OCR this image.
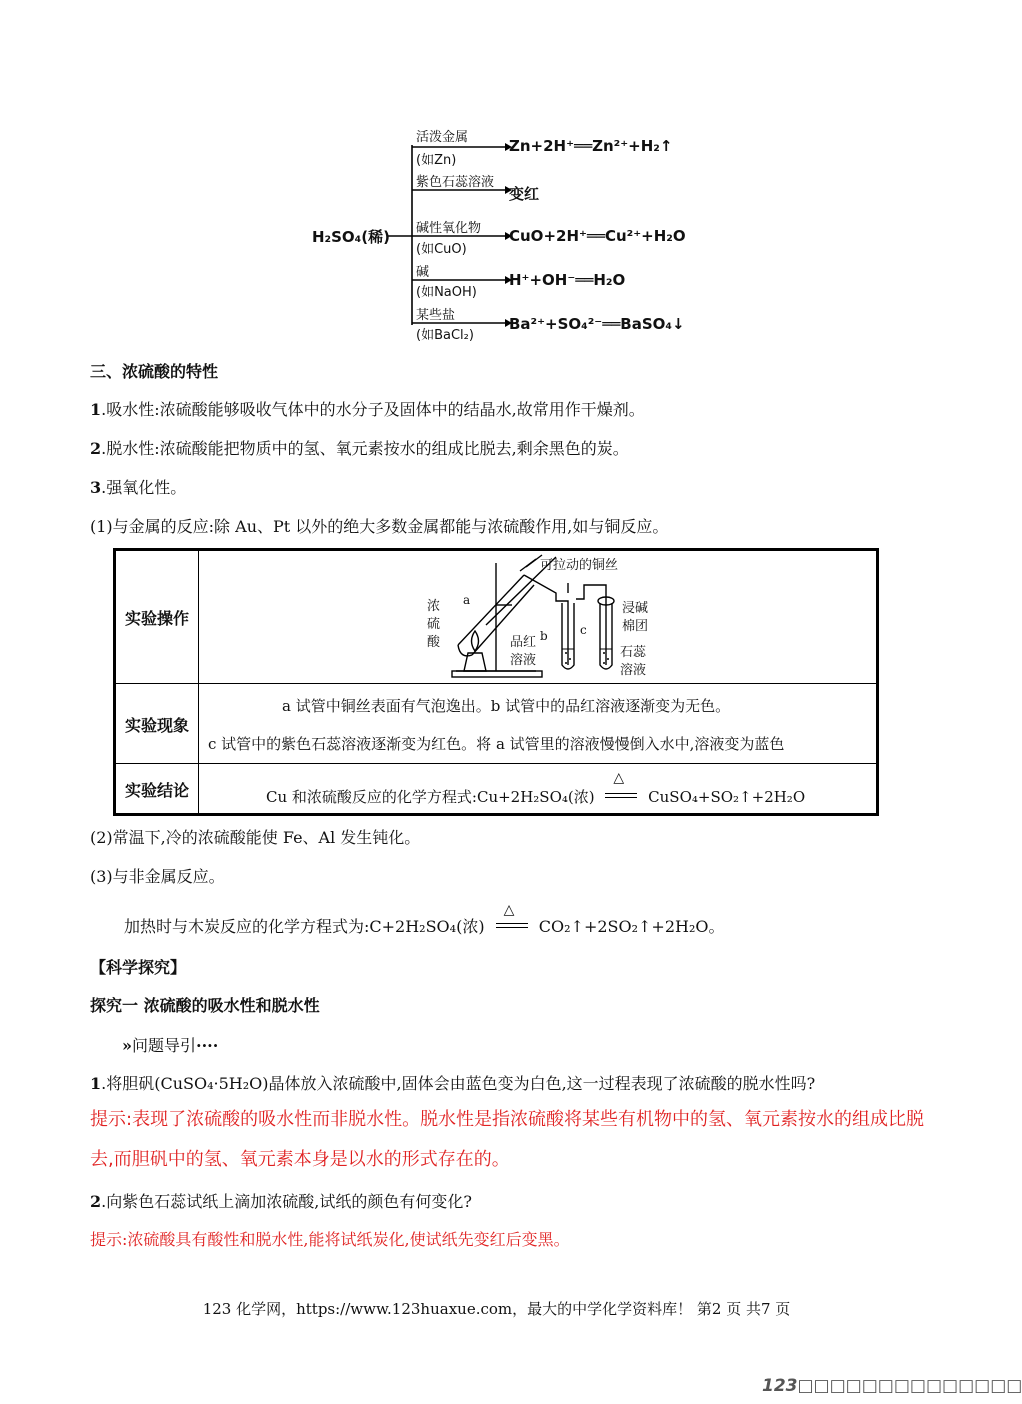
H₂SO₄(稀)
活泼金属
(如Zn)
Zn+2H⁺══Zn²⁺+H₂↑
紫色石蕊溶液
变红
碱性氧化物
(如CuO)
CuO+2H⁺══Cu²⁺+H₂O
碱
(如NaOH)
H⁺+OH⁻══H₂O
某些盐
(如BaCl₂)
Ba²⁺+SO₄²⁻══BaSO₄↓
三、浓硫酸的特性
1.吸水性:浓硫酸能够吸收气体中的水分子及固体中的结晶水,故常用作干燥剂。
2.脱水性:浓硫酸能把物质中的氢、氧元素按水的组成比脱去,剩余黑色的炭。
3.强氧化性。
(1)与金属的反应:除 Au、Pt 以外的绝大多数金属都能与浓硫酸作用,如与铜反应。
实验操作
实验现象
实验结论
可拉动的铜丝
浓
硫
酸
a
b	c
品红
溶液
浸碱
棉团
石蕊
溶液
a 试管中铜丝表面有气泡逸出。b 试管中的品红溶液逐渐变为无色。
c 试管中的紫色石蕊溶液逐渐变为红色。将 a 试管里的溶液慢慢倒入水中,溶液变为蓝色
Cu 和浓硫酸反应的化学方程式:Cu+2H₂SO₄(浓)
△
CuSO₄+SO₂↑+2H₂O
(2)常温下,冷的浓硫酸能使 Fe、Al 发生钝化。
(3)与非金属反应。
加热时与木炭反应的化学方程式为:C+2H₂SO₄(浓)
△
CO₂↑+2SO₂↑+2H₂O。
【科学探究】
探究一 浓硫酸的吸水性和脱水性
»问题导引····
1.将胆矾(CuSO₄·5H₂O)晶体放入浓硫酸中,固体会由蓝色变为白色,这一过程表现了浓硫酸的脱水性吗?
提示:表现了浓硫酸的吸水性而非脱水性。脱水性是指浓硫酸将某些有机物中的氢、氧元素按水的组成比脱
去,而胆矾中的氢、氧元素本身是以水的形式存在的。
2.向紫色石蕊试纸上滴加浓硫酸,试纸的颜色有何变化?
提示:浓硫酸具有酸性和脱水性,能将试纸炭化,使试纸先变红后变黑。
123 化学网，https://www.123huaxue.com，最大的中学化学资料库！ 第2 页 共7 页
123□□□□□□□□□□□□□□
